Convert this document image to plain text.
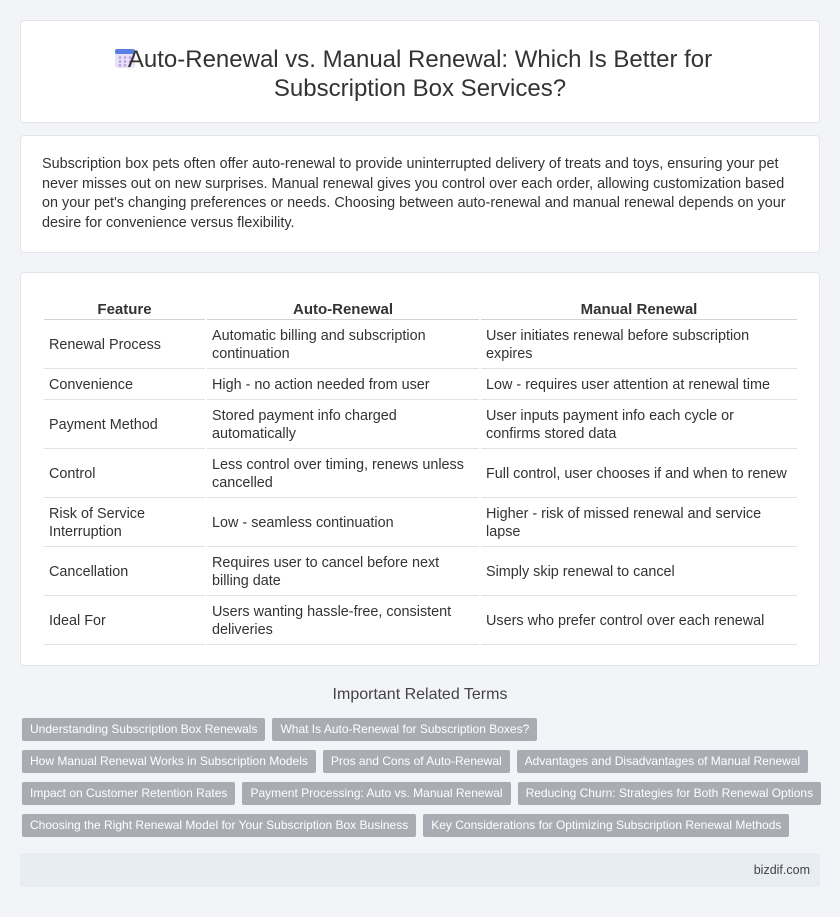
Auto-Renewal vs. Manual Renewal: Which Is Better for
Subscription Box Services?

Subscription box pets often offer auto-renewal to provide uninterrupted delivery of treats and toys, ensuring your pet never misses out on new surprises. Manual renewal gives you control over each order, allowing customization based on your pet's changing preferences or needs. Choosing between auto-renewal and manual renewal depends on your desire for convenience versus flexibility.

Feature	Auto-Renewal	Manual Renewal
Renewal Process	Automatic billing and subscription continuation	User initiates renewal before subscription expires
Convenience	High - no action needed from user	Low - requires user attention at renewal time
Payment Method	Stored payment info charged automatically	User inputs payment info each cycle or confirms stored data
Control	Less control over timing, renews unless cancelled	Full control, user chooses if and when to renew
Risk of Service Interruption	Low - seamless continuation	Higher - risk of missed renewal and service lapse
Cancellation	Requires user to cancel before next billing date	Simply skip renewal to cancel
Ideal For	Users wanting hassle-free, consistent deliveries	Users who prefer control over each renewal
Important Related Terms
Understanding Subscription Box Renewals	What Is Auto-Renewal for Subscription Boxes?
How Manual Renewal Works in Subscription Models	Pros and Cons of Auto-Renewal	Advantages and Disadvantages of Manual Renewal
Impact on Customer Retention Rates	Payment Processing: Auto vs. Manual Renewal	Reducing Churn: Strategies for Both Renewal Options
Choosing the Right Renewal Model for Your Subscription Box Business	Key Considerations for Optimizing Subscription Renewal Methods
bizdif.com
